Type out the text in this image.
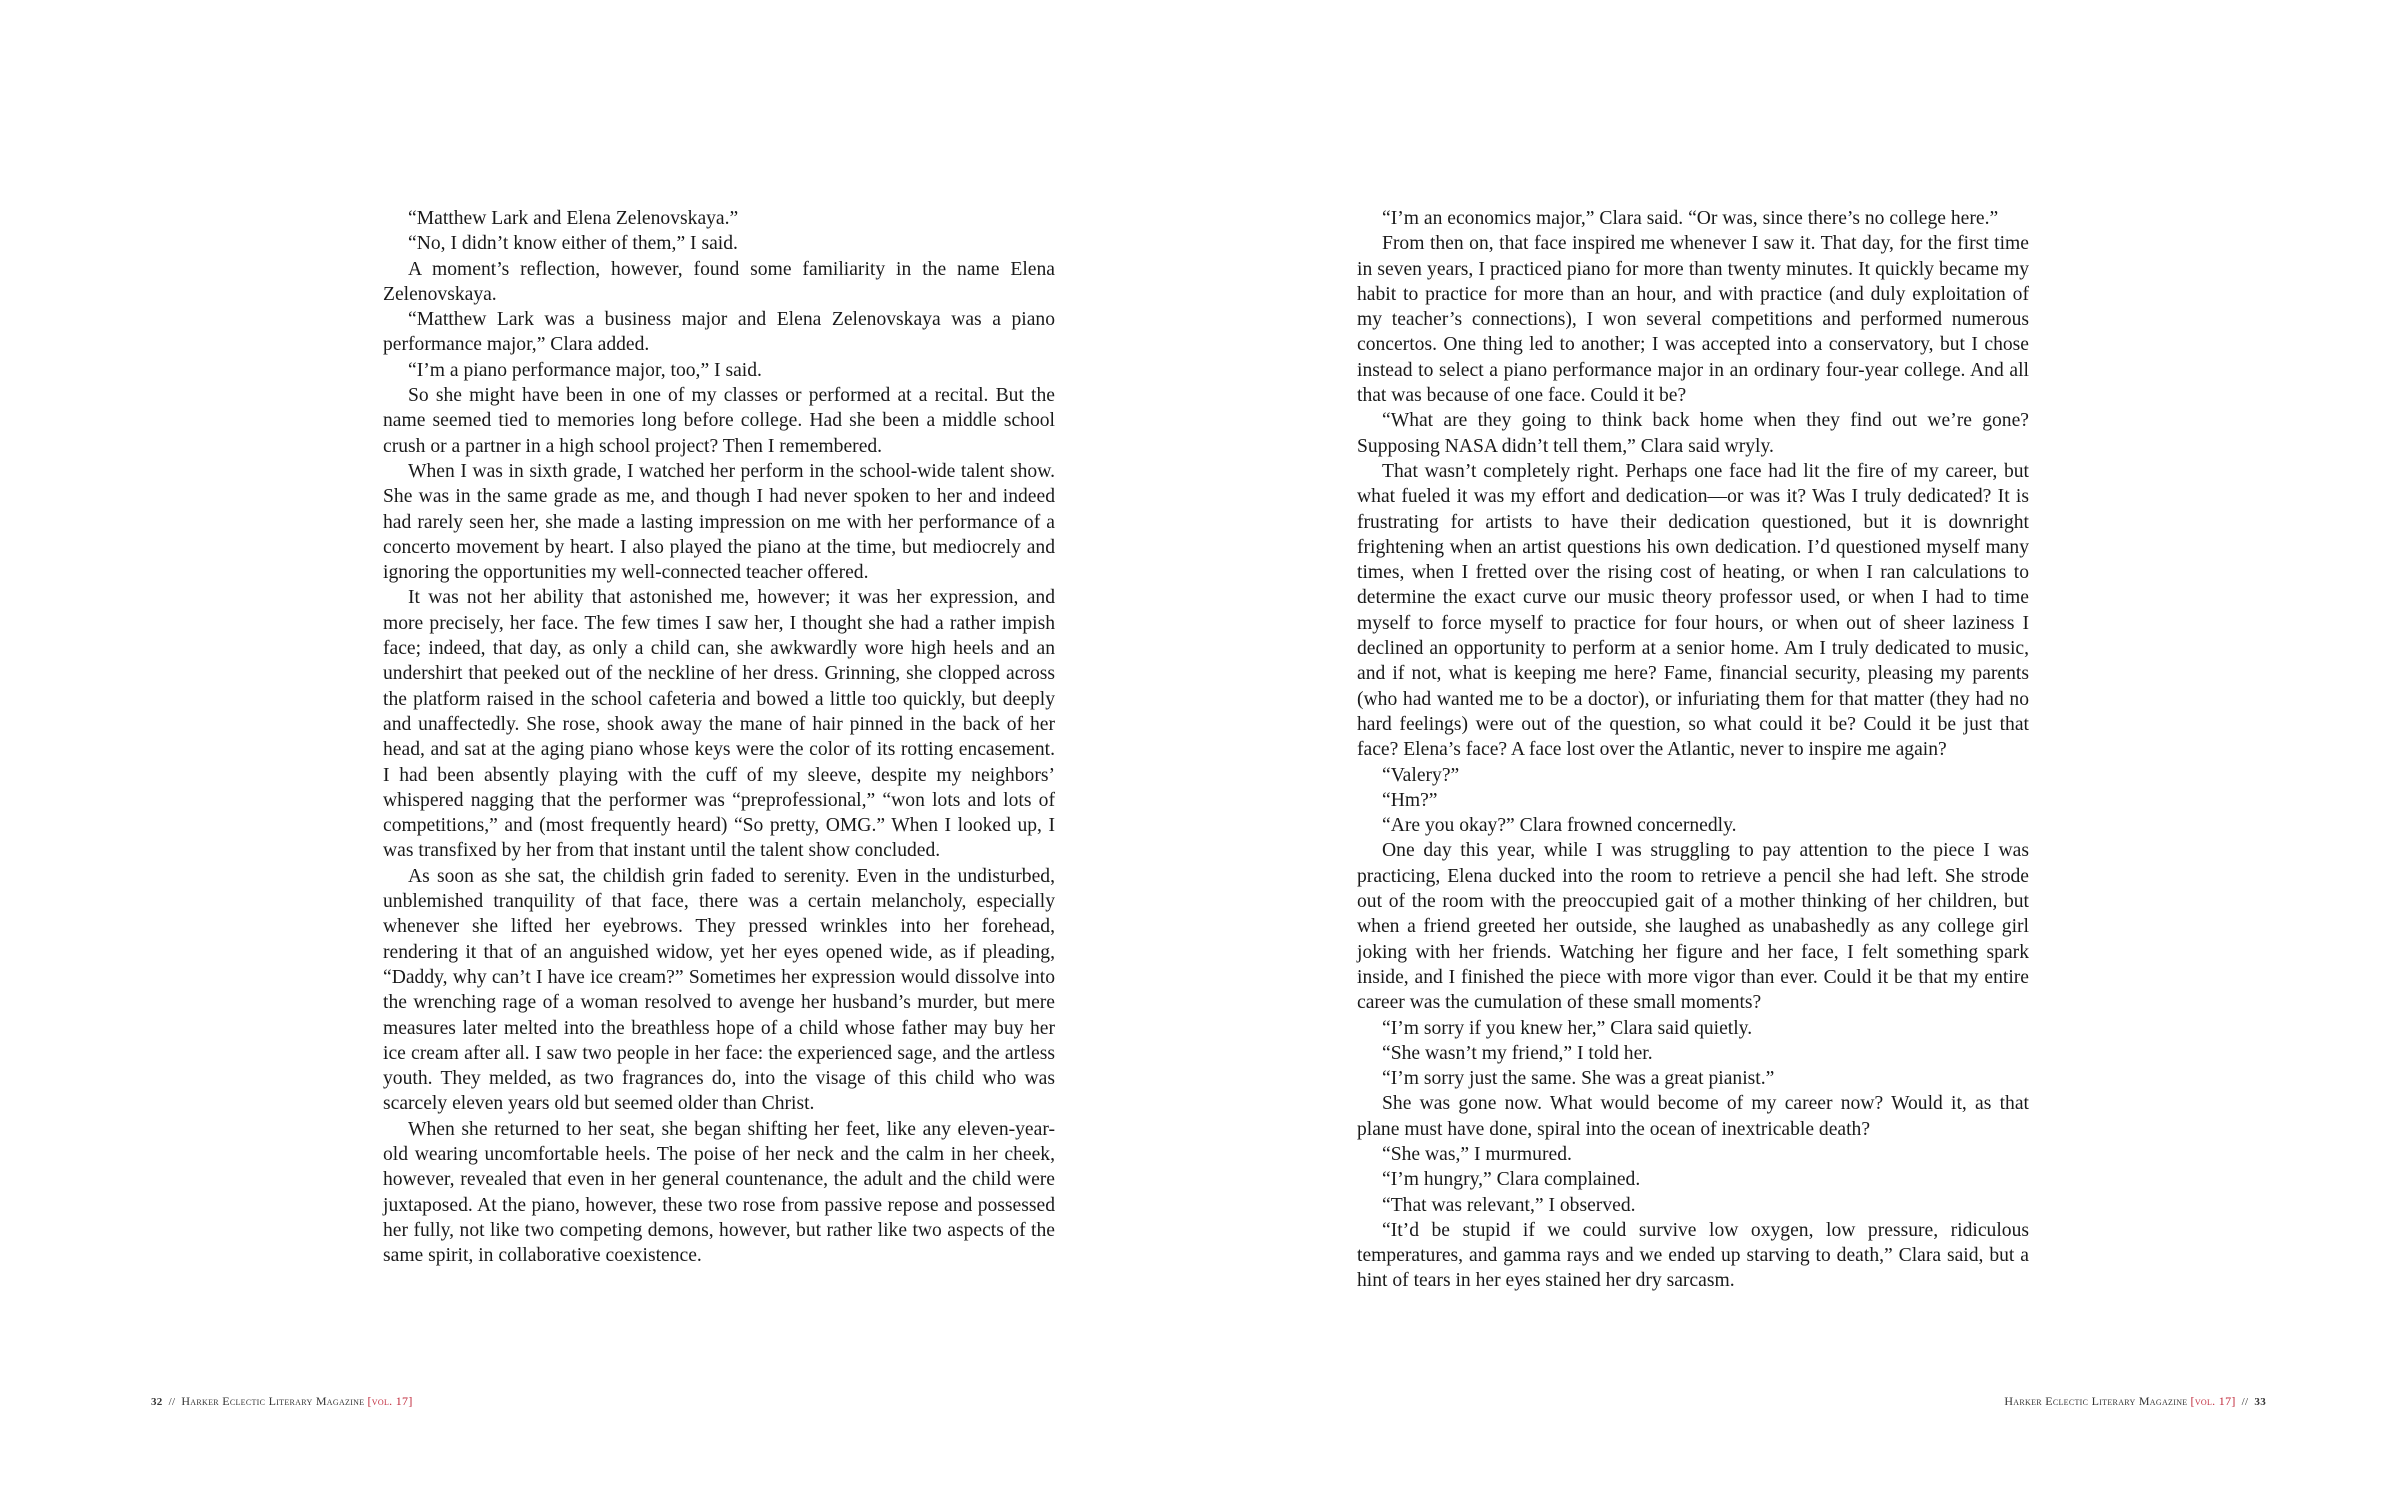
“Matthew Lark and Elena Zelenovskaya.”

“No, I didn’t know either of them,” I said.

A moment’s reflection, however, found some familiarity in the name Elena Zelenovskaya.

“Matthew Lark was a business major and Elena Zelenovskaya was a piano performance major,” Clara added.

“I’m a piano performance major, too,” I said.

So she might have been in one of my classes or performed at a recital. But the name seemed tied to memories long before college. Had she been a middle school crush or a partner in a high school project? Then I remembered.

When I was in sixth grade, I watched her perform in the school-wide talent show. She was in the same grade as me, and though I had never spoken to her and indeed had rarely seen her, she made a lasting impression on me with her performance of a concerto movement by heart. I also played the piano at the time, but mediocrely and ignoring the opportunities my well-connected teacher offered.

It was not her ability that astonished me, however; it was her expression, and more precisely, her face. The few times I saw her, I thought she had a rather impish face; indeed, that day, as only a child can, she awkwardly wore high heels and an undershirt that peeked out of the neckline of her dress. Grinning, she clopped across the platform raised in the school cafeteria and bowed a little too quickly, but deeply and unaffectedly. She rose, shook away the mane of hair pinned in the back of her head, and sat at the aging piano whose keys were the color of its rotting encasement. I had been absently playing with the cuff of my sleeve, despite my neighbors’ whispered nagging that the performer was “preprofessional,” “won lots and lots of competitions,” and (most frequently heard) “So pretty, OMG.” When I looked up, I was transfixed by her from that instant until the talent show concluded.

As soon as she sat, the childish grin faded to serenity. Even in the undisturbed, unblemished tranquility of that face, there was a certain melancholy, especially whenever she lifted her eyebrows. They pressed wrinkles into her forehead, rendering it that of an anguished widow, yet her eyes opened wide, as if pleading, “Daddy, why can’t I have ice cream?” Sometimes her expression would dissolve into the wrenching rage of a woman resolved to avenge her husband’s murder, but mere measures later melted into the breathless hope of a child whose father may buy her ice cream after all. I saw two people in her face: the experienced sage, and the artless youth. They melded, as two fragrances do, into the visage of this child who was scarcely eleven years old but seemed older than Christ.

When she returned to her seat, she began shifting her feet, like any eleven-year-old wearing uncomfortable heels. The poise of her neck and the calm in her cheek, however, revealed that even in her general countenance, the adult and the child were juxtaposed. At the piano, however, these two rose from passive repose and possessed her fully, not like two competing demons, however, but rather like two aspects of the same spirit, in collaborative coexistence.

32 // Harker Eclectic Literary Magazine [vol. 17]

“I’m an economics major,” Clara said. “Or was, since there’s no college here.”

From then on, that face inspired me whenever I saw it. That day, for the first time in seven years, I practiced piano for more than twenty minutes. It quickly became my habit to practice for more than an hour, and with practice (and duly exploitation of my teacher’s connections), I won several competitions and performed numerous concertos. One thing led to another; I was accepted into a conservatory, but I chose instead to select a piano performance major in an ordinary four-year college. And all that was because of one face. Could it be?

“What are they going to think back home when they find out we’re gone? Supposing NASA didn’t tell them,” Clara said wryly.

That wasn’t completely right. Perhaps one face had lit the fire of my career, but what fueled it was my effort and dedication—or was it? Was I truly dedicated? It is frustrating for artists to have their dedication questioned, but it is downright frightening when an artist questions his own dedication. I’d questioned myself many times, when I fretted over the rising cost of heating, or when I ran calculations to determine the exact curve our music theory professor used, or when I had to time myself to force myself to practice for four hours, or when out of sheer laziness I declined an opportunity to perform at a senior home. Am I truly dedicated to music, and if not, what is keeping me here? Fame, financial security, pleasing my parents (who had wanted me to be a doctor), or infuriating them for that matter (they had no hard feelings) were out of the question, so what could it be? Could it be just that face? Elena’s face? A face lost over the Atlantic, never to inspire me again?

“Valery?”

“Hm?”

“Are you okay?” Clara frowned concernedly.

One day this year, while I was struggling to pay attention to the piece I was practicing, Elena ducked into the room to retrieve a pencil she had left. She strode out of the room with the preoccupied gait of a mother thinking of her children, but when a friend greeted her outside, she laughed as unabashedly as any college girl joking with her friends. Watching her figure and her face, I felt something spark inside, and I finished the piece with more vigor than ever. Could it be that my entire career was the cumulation of these small moments?

“I’m sorry if you knew her,” Clara said quietly.

“She wasn’t my friend,” I told her.

“I’m sorry just the same. She was a great pianist.”

She was gone now. What would become of my career now? Would it, as that plane must have done, spiral into the ocean of inextricable death?

“She was,” I murmured.

“I’m hungry,” Clara complained.

“That was relevant,” I observed.

“It’d be stupid if we could survive low oxygen, low pressure, ridiculous temperatures, and gamma rays and we ended up starving to death,” Clara said, but a hint of tears in her eyes stained her dry sarcasm.

Harker Eclectic Literary Magazine [vol. 17] // 33
